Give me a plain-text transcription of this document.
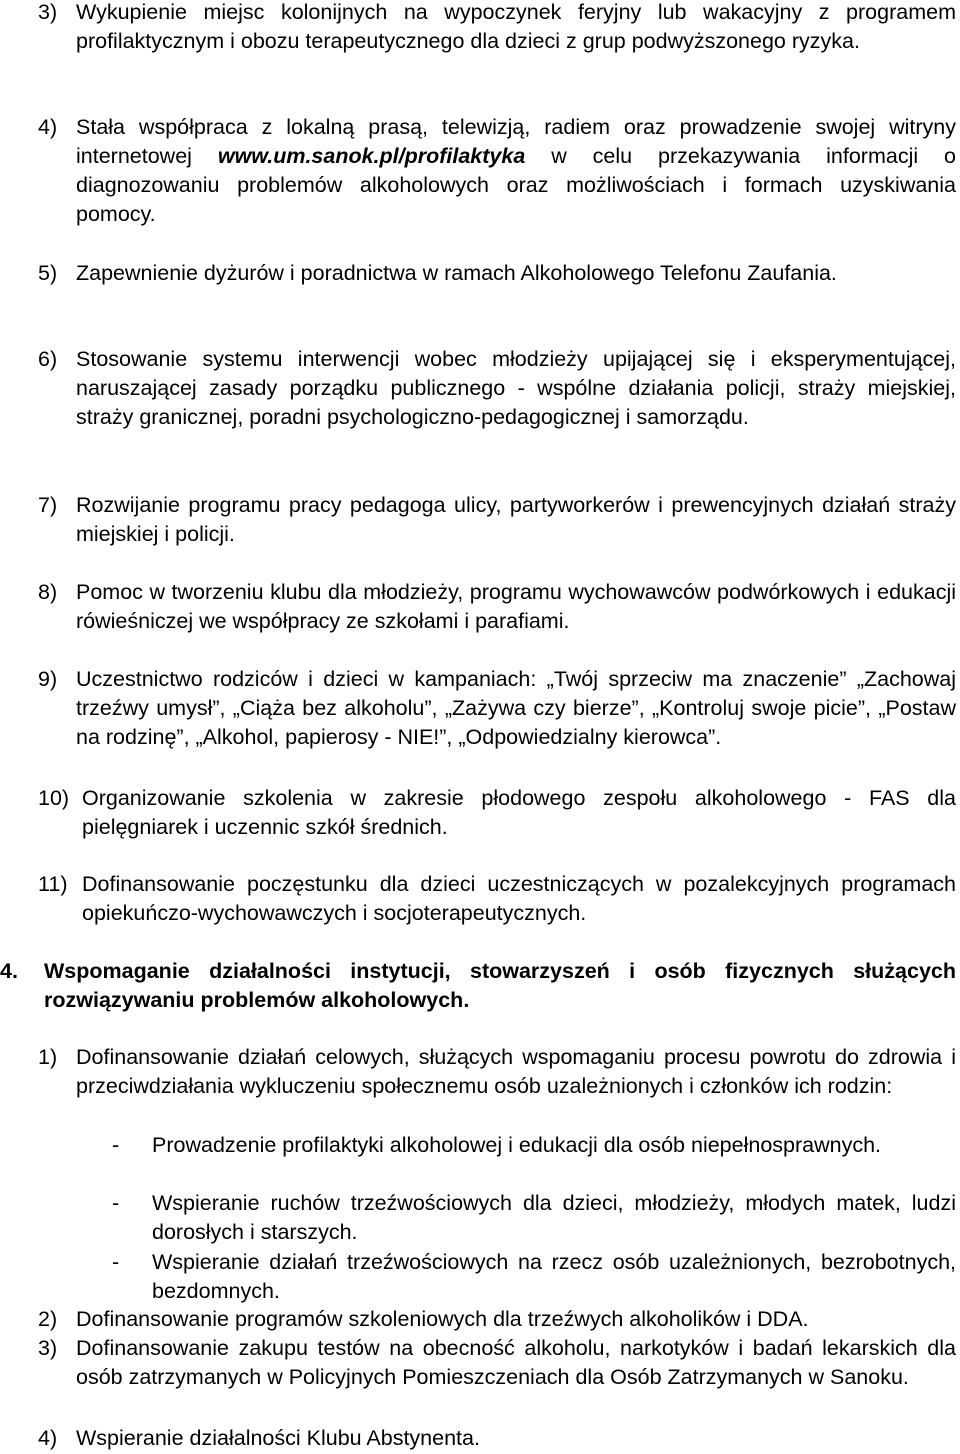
3) Wykupienie miejsc kolonijnych na wypoczynek feryjny lub wakacyjny z programem profilaktycznym i obozu terapeutycznego dla dzieci z grup podwyższonego ryzyka.

4) Stała współpraca z lokalną prasą, telewizją, radiem oraz prowadzenie swojej witryny internetowej www.um.sanok.pl/profilaktyka w celu przekazywania informacji o diagnozowaniu problemów alkoholowych oraz możliwościach i formach uzyskiwania pomocy.

5) Zapewnienie dyżurów i poradnictwa w ramach Alkoholowego Telefonu Zaufania.

6) Stosowanie systemu interwencji wobec młodzieży upijającej się i eksperymentującej, naruszającej zasady porządku publicznego - wspólne działania policji, straży miejskiej, straży granicznej, poradni psychologiczno-pedagogicznej i samorządu.

7) Rozwijanie programu pracy pedagoga ulicy, partyworkerów i prewencyjnych działań straży miejskiej i policji.

8) Pomoc w tworzeniu klubu dla młodzieży, programu wychowawców podwórkowych i edukacji rówieśniczej we współpracy ze szkołami i parafiami.

9) Uczestnictwo rodziców i dzieci w kampaniach: „Twój sprzeciw ma znaczenie” „Zachowaj trzeźwy umysł”, „Ciąża bez alkoholu”, „Zażywa czy bierze”, „Kontroluj swoje picie”, „Postaw na rodzinę”, „Alkohol, papierosy - NIE!”, „Odpowiedzialny kierowca”.

10) Organizowanie szkolenia w zakresie płodowego zespołu alkoholowego - FAS dla pielęgniarek i uczennic szkół średnich.

11) Dofinansowanie poczęstunku dla dzieci uczestniczących w pozalekcyjnych programach opiekuńczo-wychowawczych i socjoterapeutycznych.

4. Wspomaganie działalności instytucji, stowarzyszeń i osób fizycznych służących rozwiązywaniu problemów alkoholowych.

1) Dofinansowanie działań celowych, służących wspomaganiu procesu powrotu do zdrowia i przeciwdziałania wykluczeniu społecznemu osób uzależnionych i członków ich rodzin:

- Prowadzenie profilaktyki alkoholowej i edukacji dla osób niepełnosprawnych.

- Wspieranie ruchów trzeźwościowych dla dzieci, młodzieży, młodych matek, ludzi dorosłych i starszych.

- Wspieranie działań trzeźwościowych na rzecz osób uzależnionych, bezrobotnych, bezdomnych.

2) Dofinansowanie programów szkoleniowych dla trzeźwych alkoholików i DDA.

3) Dofinansowanie zakupu testów na obecność alkoholu, narkotyków i badań lekarskich dla osób zatrzymanych w Policyjnych Pomieszczeniach dla Osób Zatrzymanych w Sanoku.

4) Wspieranie działalności Klubu Abstynenta.
